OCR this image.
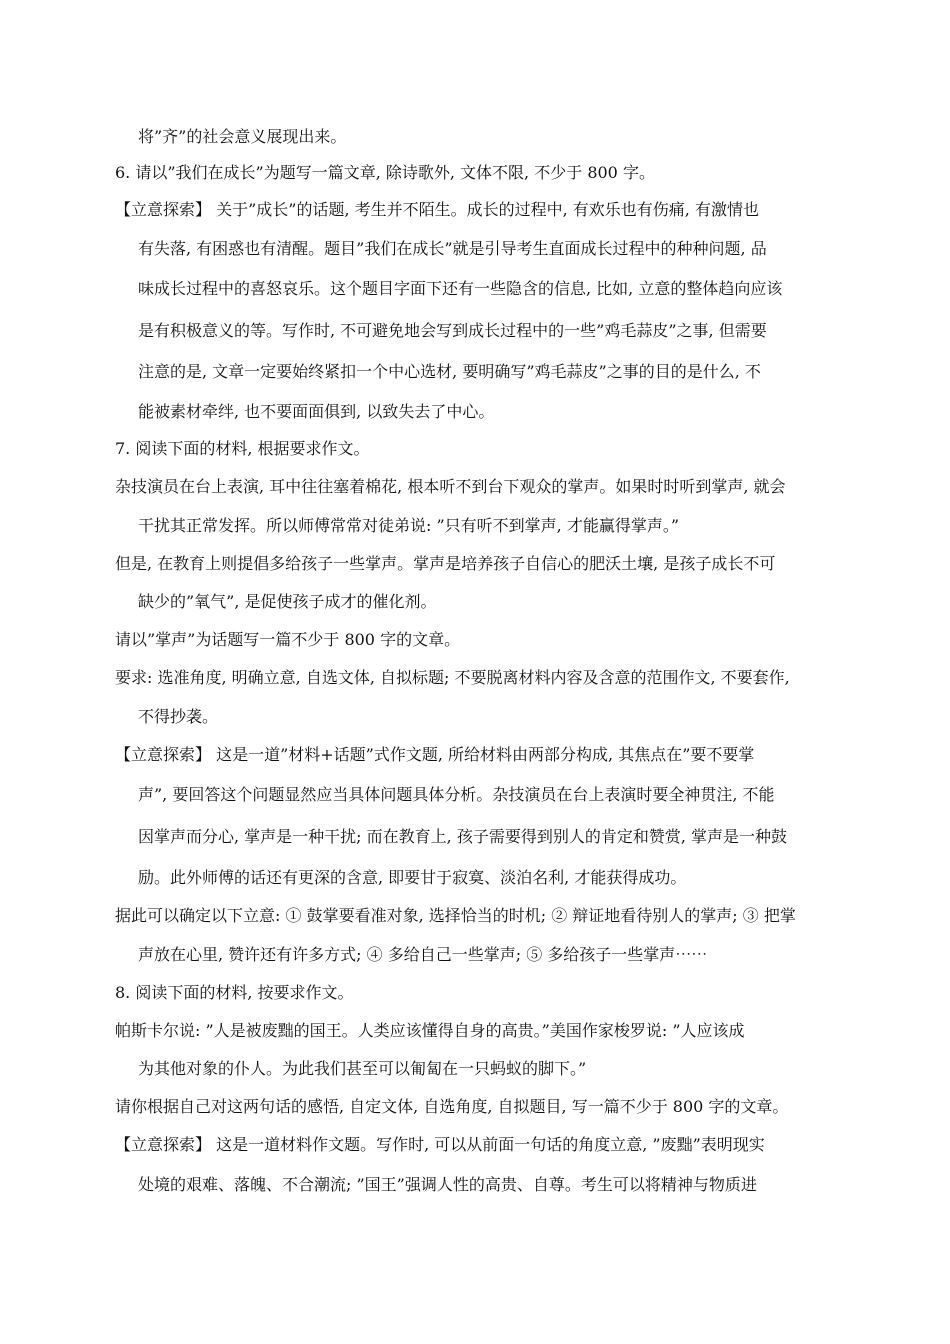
将”齐”的社会意义展现出来。
6. 请以”我们在成长”为题写一篇文章, 除诗歌外, 文体不限, 不少于 800 字。
【立意探索】 关于”成长”的话题, 考生并不陌生。成长的过程中, 有欢乐也有伤痛, 有激情也
有失落, 有困惑也有清醒。题目”我们在成长”就是引导考生直面成长过程中的种种问题, 品
味成长过程中的喜怒哀乐。这个题目字面下还有一些隐含的信息, 比如, 立意的整体趋向应该
是有积极意义的等。写作时, 不可避免地会写到成长过程中的一些”鸡毛蒜皮”之事, 但需要
注意的是, 文章一定要始终紧扣一个中心选材, 要明确写”鸡毛蒜皮”之事的目的是什么, 不
能被素材牵绊, 也不要面面俱到, 以致失去了中心。
7. 阅读下面的材料, 根据要求作文。
杂技演员在台上表演, 耳中往往塞着棉花, 根本听不到台下观众的掌声。如果时时听到掌声, 就会
干扰其正常发挥。所以师傅常常对徒弟说: ”只有听不到掌声, 才能赢得掌声。”
但是, 在教育上则提倡多给孩子一些掌声。掌声是培养孩子自信心的肥沃土壤, 是孩子成长不可
缺少的”氧气”, 是促使孩子成才的催化剂。
请以”掌声”为话题写一篇不少于 800 字的文章。
要求: 选准角度, 明确立意, 自选文体, 自拟标题; 不要脱离材料内容及含意的范围作文, 不要套作,
不得抄袭。
【立意探索】 这是一道”材料+话题”式作文题, 所给材料由两部分构成, 其焦点在”要不要掌
声”, 要回答这个问题显然应当具体问题具体分析。杂技演员在台上表演时要全神贯注, 不能
因掌声而分心, 掌声是一种干扰; 而在教育上, 孩子需要得到别人的肯定和赞赏, 掌声是一种鼓
励。此外师傅的话还有更深的含意, 即要甘于寂寞、淡泊名利, 才能获得成功。
据此可以确定以下立意: ① 鼓掌要看准对象, 选择恰当的时机; ② 辩证地看待别人的掌声; ③ 把掌
声放在心里, 赞许还有许多方式; ④ 多给自己一些掌声; ⑤ 多给孩子一些掌声⋯⋯
8. 阅读下面的材料, 按要求作文。
帕斯卡尔说: ”人是被废黜的国王。人类应该懂得自身的高贵。”美国作家梭罗说: ”人应该成
为其他对象的仆人。为此我们甚至可以匍匐在一只蚂蚁的脚下。”
请你根据自己对这两句话的感悟, 自定文体, 自选角度, 自拟题目, 写一篇不少于 800 字的文章。
【立意探索】 这是一道材料作文题。写作时, 可以从前面一句话的角度立意, ”废黜”表明现实
处境的艰难、落魄、不合潮流; ”国王”强调人性的高贵、自尊。考生可以将精神与物质进
